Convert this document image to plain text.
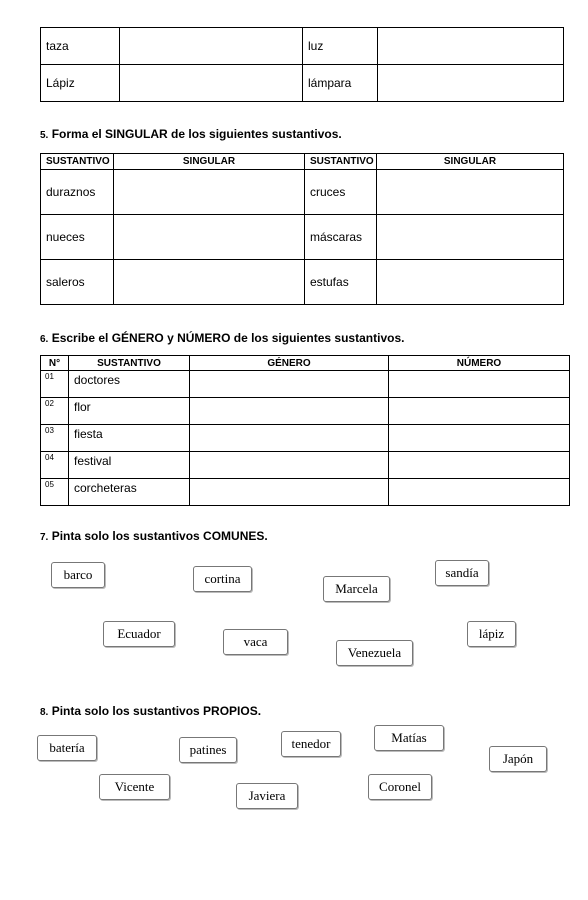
taza		luz	
Lápiz		lámpara	

5. Forma el SINGULAR de los siguientes sustantivos.

SUSTANTIVO	SINGULAR	SUSTANTIVO	SINGULAR
duraznos		cruces	
nueces		máscaras	
saleros		estufas	

6. Escribe el GÉNERO y NÚMERO de los siguientes sustantivos.

N°	SUSTANTIVO	GÉNERO	NÚMERO
01	doctores		
02	flor		
03	fiesta		
04	festival		
05	corcheteras		

7. Pinta solo los sustantivos COMUNES.

barco	cortina
Marcela
sandía
Ecuador
vaca
Venezuela
lápiz

8. Pinta solo los sustantivos PROPIOS.

batería	patines	tenedor	Matías
Japón
Vicente
Javiera
Coronel
